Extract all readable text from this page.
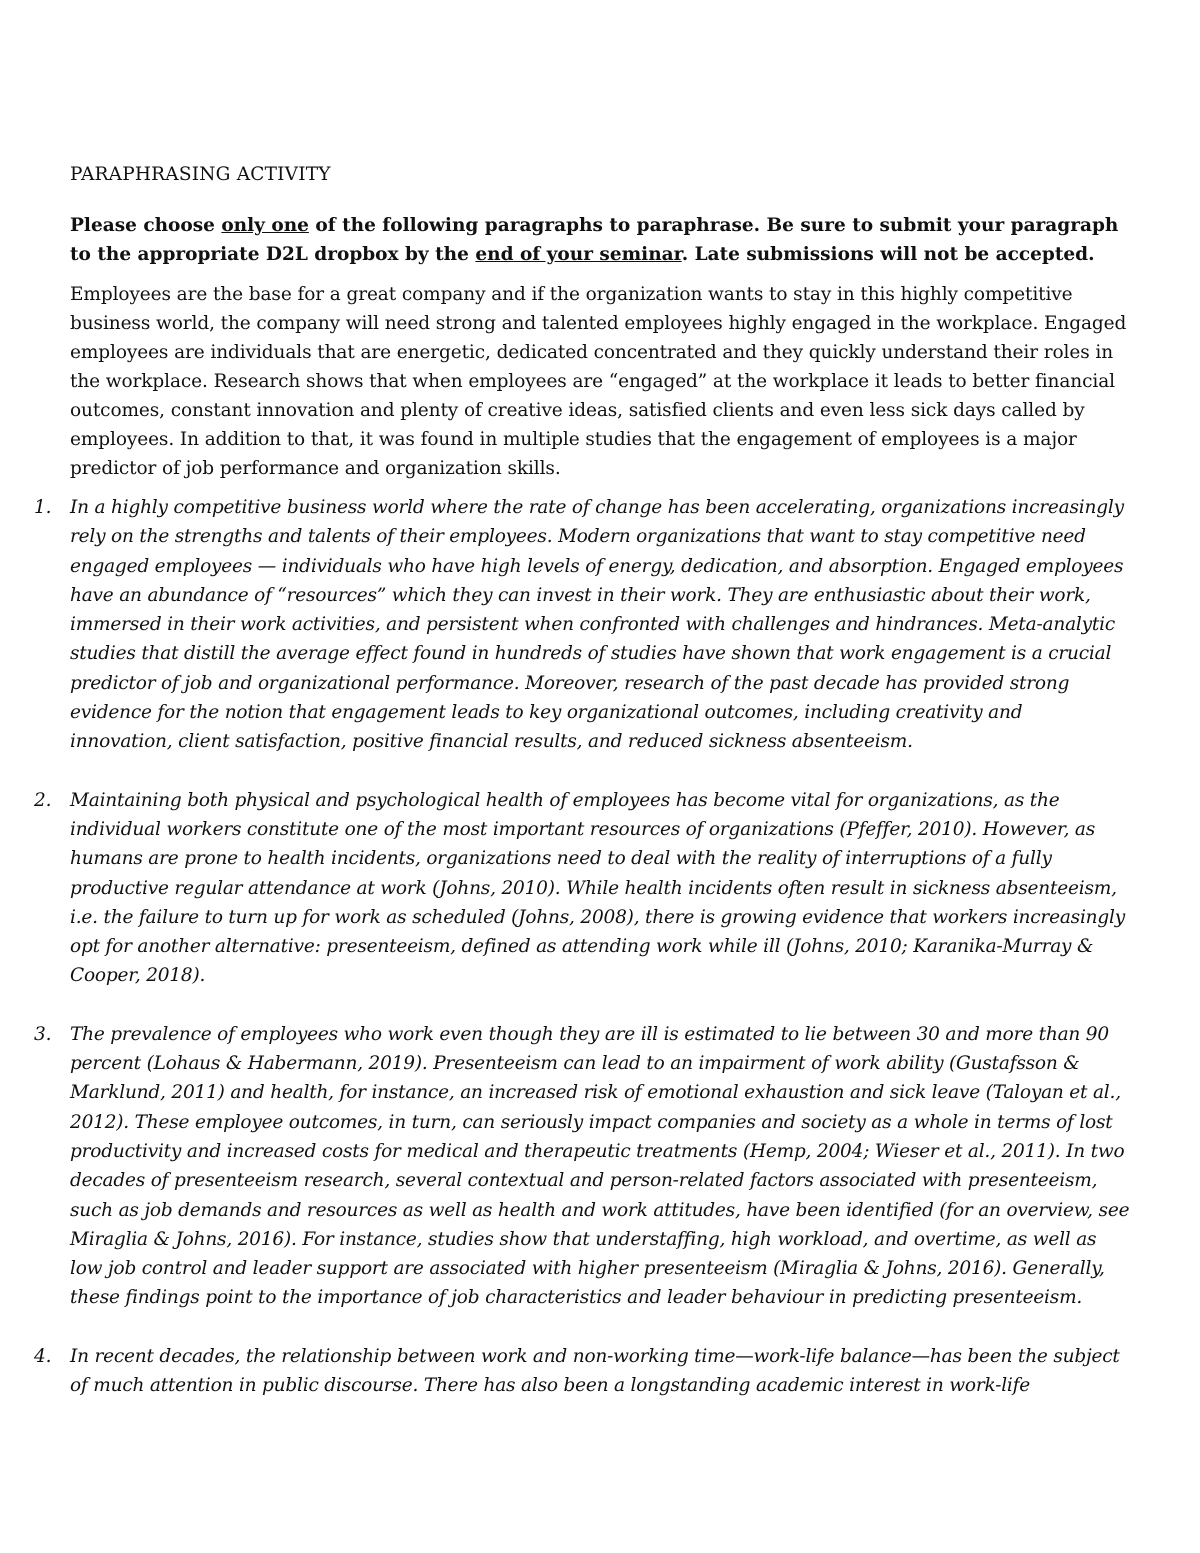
PARAPHRASING ACTIVITY
Please choose only one of the following paragraphs to paraphrase. Be sure to submit your paragraph to the appropriate D2L dropbox by the end of your seminar. Late submissions will not be accepted.
Employees are the base for a great company and if the organization wants to stay in this highly competitive business world, the company will need strong and talented employees highly engaged in the workplace. Engaged employees are individuals that are energetic, dedicated concentrated and they quickly understand their roles in the workplace. Research shows that when employees are “engaged” at the workplace it leads to better financial outcomes, constant innovation and plenty of creative ideas, satisfied clients and even less sick days called by employees. In addition to that, it was found in multiple studies that the engagement of employees is a major predictor of job performance and organization skills.
1.	In a highly competitive business world where the rate of change has been accelerating, organizations increasingly rely on the strengths and talents of their employees. Modern organizations that want to stay competitive need engaged employees — individuals who have high levels of energy, dedication, and absorption. Engaged employees have an abundance of “resources” which they can invest in their work. They are enthusiastic about their work, immersed in their work activities, and persistent when confronted with challenges and hindrances. Meta-analytic studies that distill the average effect found in hundreds of studies have shown that work engagement is a crucial predictor of job and organizational performance. Moreover, research of the past decade has provided strong evidence for the notion that engagement leads to key organizational outcomes, including creativity and innovation, client satisfaction, positive financial results, and reduced sickness absenteeism.
2.	Maintaining both physical and psychological health of employees has become vital for organizations, as the individual workers constitute one of the most important resources of organizations (Pfeffer, 2010). However, as humans are prone to health incidents, organizations need to deal with the reality of interruptions of a fully productive regular attendance at work (Johns, 2010). While health incidents often result in sickness absenteeism, i.e. the failure to turn up for work as scheduled (Johns, 2008), there is growing evidence that workers increasingly opt for another alternative: presenteeism, defined as attending work while ill (Johns, 2010; Karanika-Murray & Cooper, 2018).
3.	The prevalence of employees who work even though they are ill is estimated to lie between 30 and more than 90 percent (Lohaus & Habermann, 2019). Presenteeism can lead to an impairment of work ability (Gustafsson & Marklund, 2011) and health, for instance, an increased risk of emotional exhaustion and sick leave (Taloyan et al., 2012). These employee outcomes, in turn, can seriously impact companies and society as a whole in terms of lost productivity and increased costs for medical and therapeutic treatments (Hemp, 2004; Wieser et al., 2011). In two decades of presenteeism research, several contextual and person-related factors associated with presenteeism, such as job demands and resources as well as health and work attitudes, have been identified (for an overview, see Miraglia & Johns, 2016). For instance, studies show that understaffing, high workload, and overtime, as well as low job control and leader support are associated with higher presenteeism (Miraglia & Johns, 2016). Generally, these findings point to the importance of job characteristics and leader behaviour in predicting presenteeism.
4.	In recent decades, the relationship between work and non-working time—work-life balance—has been the subject of much attention in public discourse. There has also been a longstanding academic interest in work-life
